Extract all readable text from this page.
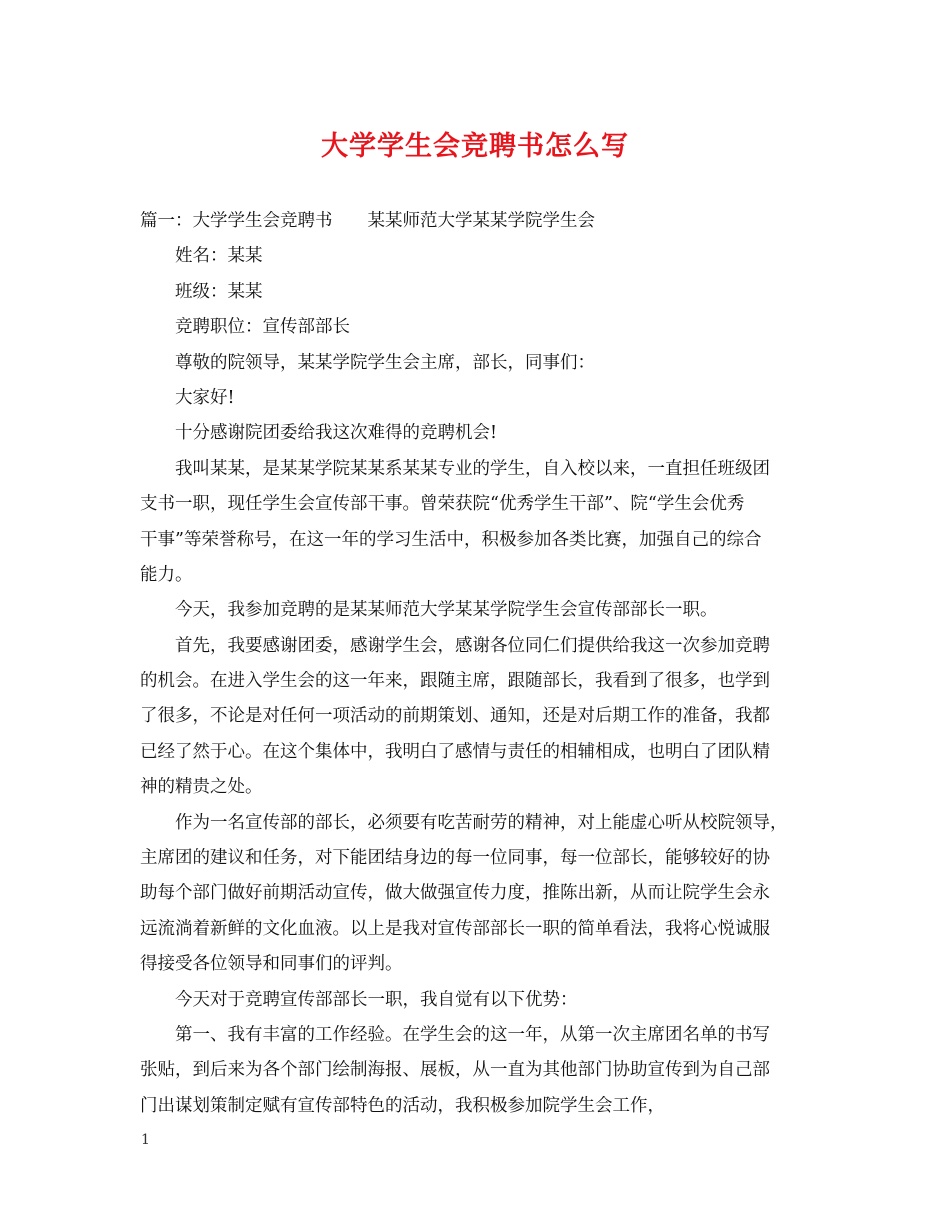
大学学生会竞聘书怎么写
篇一：大学学生会竞聘书　　某某师范大学某某学院学生会
姓名：某某
班级：某某
竞聘职位：宣传部部长
尊敬的院领导，某某学院学生会主席，部长，同事们：
大家好!
十分感谢院团委给我这次难得的竞聘机会!
我叫某某，是某某学院某某系某某专业的学生，自入校以来，一直担任班级团
支书一职，现任学生会宣传部干事。曾荣获院“优秀学生干部”、院“学生会优秀
干事”等荣誉称号，在这一年的学习生活中，积极参加各类比赛，加强自己的综合
能力。
今天，我参加竞聘的是某某师范大学某某学院学生会宣传部部长一职。
首先，我要感谢团委，感谢学生会，感谢各位同仁们提供给我这一次参加竞聘
的机会。在进入学生会的这一年来，跟随主席，跟随部长，我看到了很多，也学到
了很多，不论是对任何一项活动的前期策划、通知，还是对后期工作的准备，我都
已经了然于心。在这个集体中，我明白了感情与责任的相辅相成，也明白了团队精
神的精贵之处。
作为一名宣传部的部长，必须要有吃苦耐劳的精神，对上能虚心听从校院领导，
主席团的建议和任务，对下能团结身边的每一位同事，每一位部长，能够较好的协
助每个部门做好前期活动宣传，做大做强宣传力度，推陈出新，从而让院学生会永
远流淌着新鲜的文化血液。以上是我对宣传部部长一职的简单看法，我将心悦诚服
得接受各位领导和同事们的评判。
今天对于竞聘宣传部部长一职，我自觉有以下优势：
第一、我有丰富的工作经验。在学生会的这一年，从第一次主席团名单的书写
张贴，到后来为各个部门绘制海报、展板，从一直为其他部门协助宣传到为自己部
门出谋划策制定赋有宣传部特色的活动，我积极参加院学生会工作，
1
